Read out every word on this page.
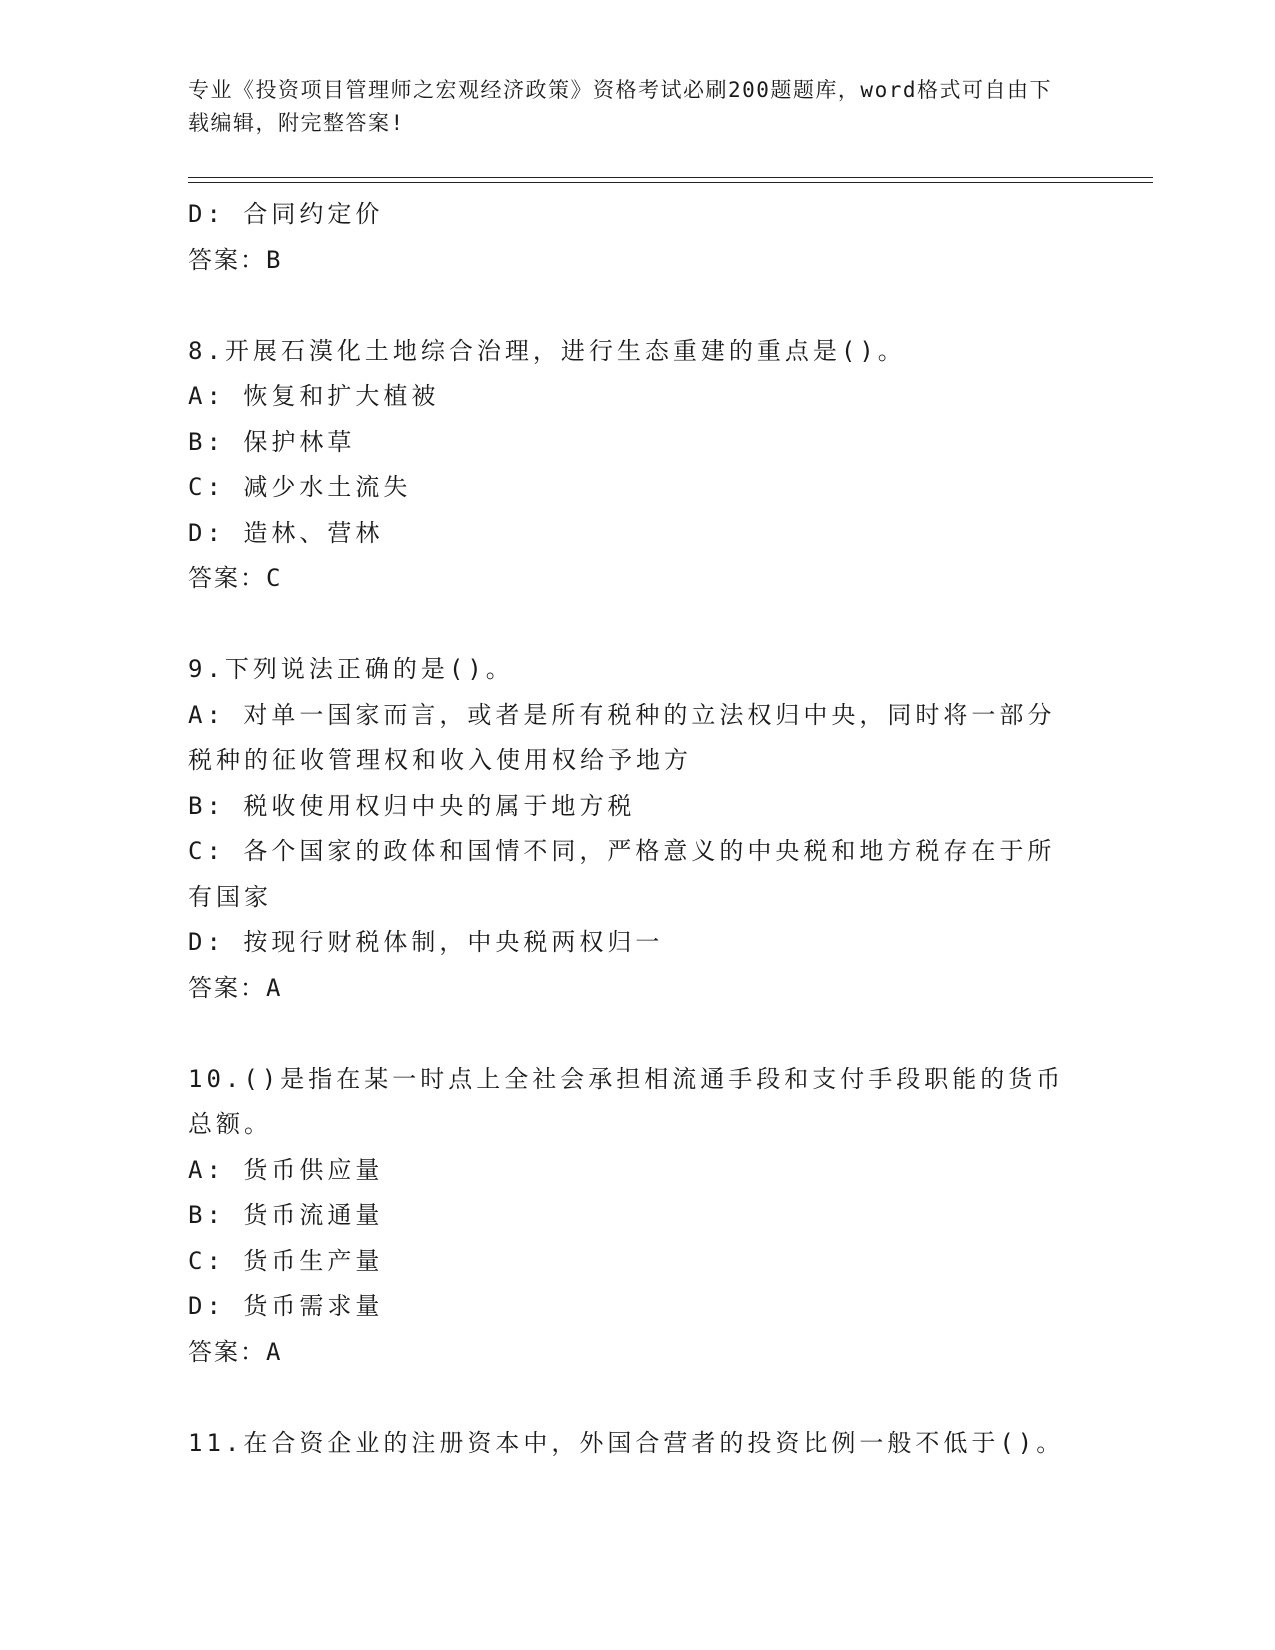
专业《投资项目管理师之宏观经济政策》资格考试必刷200题题库，word格式可自由下载编辑，附完整答案!

D: 合同约定价

答案：B

8.开展石漠化土地综合治理，进行生态重建的重点是()。

A: 恢复和扩大植被

B: 保护林草

C: 减少水土流失

D: 造林、营林

答案：C

9.下列说法正确的是()。

A: 对单一国家而言，或者是所有税种的立法权归中央，同时将一部分税种的征收管理权和收入使用权给予地方

B: 税收使用权归中央的属于地方税

C: 各个国家的政体和国情不同，严格意义的中央税和地方税存在于所有国家

D: 按现行财税体制，中央税两权归一

答案：A

10.()是指在某一时点上全社会承担相流通手段和支付手段职能的货币总额。

A: 货币供应量

B: 货币流通量

C: 货币生产量

D: 货币需求量

答案：A

11.在合资企业的注册资本中，外国合营者的投资比例一般不低于()。
